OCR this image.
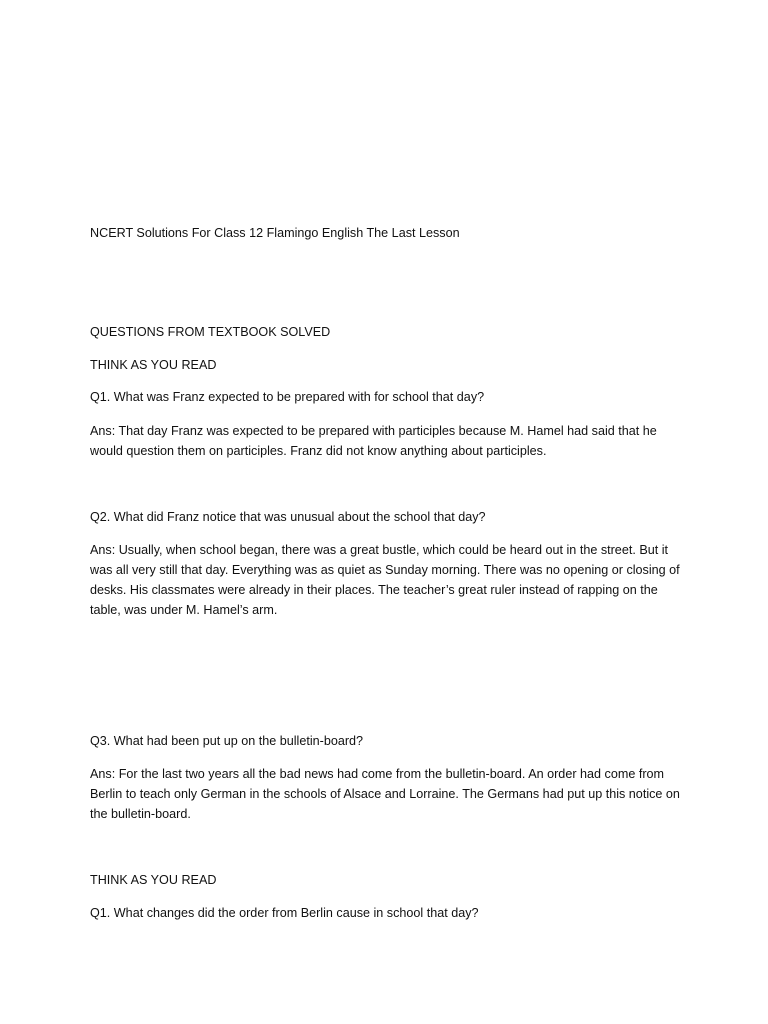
NCERT Solutions For Class 12 Flamingo English The Last Lesson
QUESTIONS FROM TEXTBOOK SOLVED
THINK AS YOU READ
Q1. What was Franz expected to be prepared with for school that day?
Ans: That day Franz was expected to be prepared with participles because M. Hamel had said that he would question them on participles. Franz did not know anything about participles.
Q2. What did Franz notice that was unusual about the school that day?
Ans: Usually, when school began, there was a great bustle, which could be heard out in the street. But it was all very still that day. Everything was as quiet as Sunday morning. There was no opening or closing of desks. His classmates were already in their places. The teacher’s great ruler instead of rapping on the table, was under M. Hamel’s arm.
Q3. What had been put up on the bulletin-board?
Ans: For the last two years all the bad news had come from the bulletin-board. An order had come from Berlin to teach only German in the schools of Alsace and Lorraine. The Germans had put up this notice on the bulletin-board.
THINK AS YOU READ
Q1. What changes did the order from Berlin cause in school that day?
